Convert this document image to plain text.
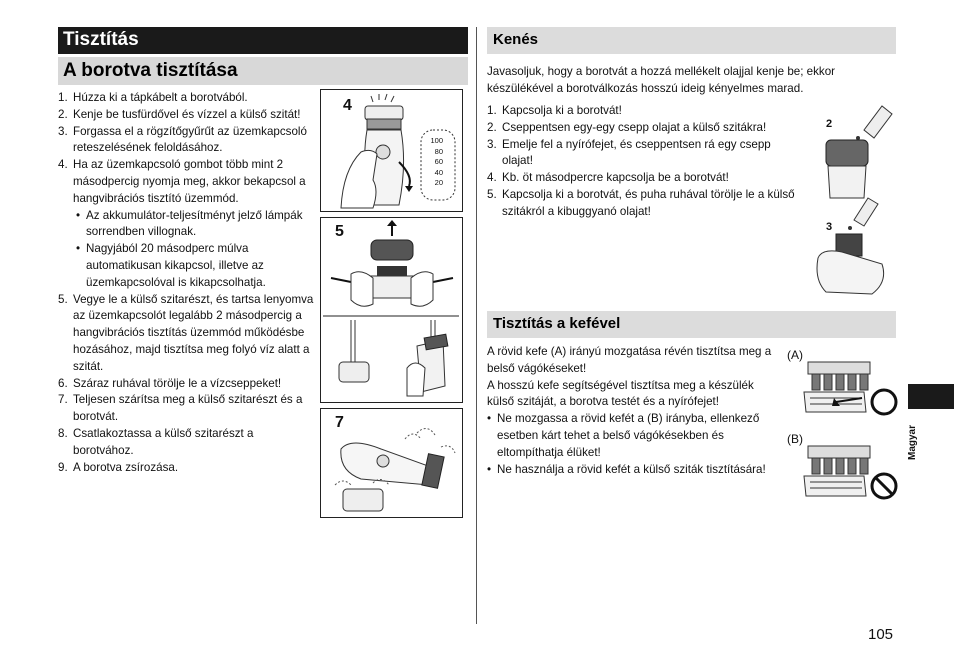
Tisztítás
A borotva tisztítása
1. Húzza ki a tápkábelt a borotvából.
2. Kenje be tusfürdővel és vízzel a külső szitát!
3. Forgassa el a rögzítőgyűrűt az üzemkapcsoló reteszelésének feloldásához.
4. Ha az üzemkapcsoló gombot több mint 2 másodpercig nyomja meg, akkor bekapcsol a hangvibrációs tisztító üzemmód.
• Az akkumulátor-teljesítményt jelző lámpák sorrendben villognak.
• Nagyjából 20 másodperc múlva automatikusan kikapcsol, illetve az üzemkapcsolóval is kikapcsolhatja.
5. Vegye le a külső szitarészt, és tartsa lenyomva az üzemkapcsolót legalább 2 másodpercig a hangvibrációs tisztítás üzemmód működésbe hozásához, majd tisztítsa meg folyó víz alatt a szitát.
6. Száraz ruhával törölje le a vízcseppeket!
7. Teljesen szárítsa meg a külső szitarészt és a borotvát.
8. Csatlakoztassa a külső szitarészt a borotvához.
9. A borotva zsírozása.
4
100
80
60
40
20
5
7
Kenés
Javasoljuk, hogy a borotvát a hozzá mellékelt olajjal kenje be; ekkor készülékével a borotválkozás hosszú ideig kényelmes marad.
1. Kapcsolja ki a borotvát!
2. Cseppentsen egy-egy csepp olajat a külső szitákra!
3. Emelje fel a nyírófejet, és cseppentsen rá egy csepp olajat!
4. Kb. öt másodpercre kapcsolja be a borotvát!
5. Kapcsolja ki a borotvát, és puha ruhával törölje le a külső szitákról a kibuggyanó olajat!
2
3
Tisztítás a kefével
A rövid kefe (A) irányú mozgatása révén tisztítsa meg a belső vágókéseket!
A hosszú kefe segítségével tisztítsa meg a készülék külső szitáját, a borotva testét és a nyírófejet!
• Ne mozgassa a rövid kefét a (B) irányba, ellenkező esetben kárt tehet a belső vágókésekben és eltompíthatja élüket!
• Ne használja a rövid kefét a külső sziták tisztítására!
(A)
(B)	Magyar
105
